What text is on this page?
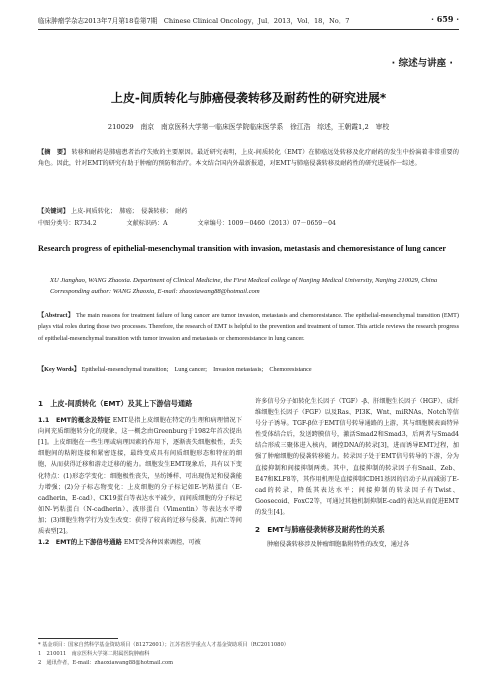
临床肿瘤学杂志2013年7月第18卷第7期　Chinese Clinical Oncology，Jul．2013，Vol．18，No．7	· 659 ·
· 综述与讲座 ·
上皮-间质转化与肺癌侵袭转移及耐药性的研究进展*
210029　南京　南京医科大学第一临床医学院临床医学系　徐江浩　综述，王朝霞1,2　审校
【摘　要】 转移和耐药是肺癌患者治疗失败的主要原因。最近研究表明，上皮-间质转化（EMT）在肺癌远处转移及化疗耐药的发生中扮演着非常重要的角色。因此，针对EMT的研究有助于肿瘤的预防和治疗。本文结合国内外最新报道，对EMT与肺癌侵袭转移及耐药性的研究进展作一综述。
【关键词】 上皮-间质转化；　肺癌；　侵袭转移；　耐药
中图分类号：R734.2	文献标识码：A	文章编号：1009－0460（2013）07－0659－04
Research progress of epithelial-mesenchymal transition with invasion, metastasis and chemoresistance of lung cancer
XU Jianghao, WANG Zhaoxia. Department of Clinical Medicine, the First Medical college of Nanjing Medical University, Nanjing 210029, China
Corresponding author: WANG Zhaoxia, E-mail: zhaoxiawang88@hotmail.com
【Abstract】 The main reasons for treatment failure of lung cancer are tumor invasion, metastasis and chemoresistance. The epithelial-mesenchymal transition (EMT) plays vital roles during those two processes. Therefore, the research of EMT is helpful to the prevention and treatment of tumor. This article reviews the research progress of epithelial-mesenchymal transition with tumor invasion and metastasis or chemoresistance in lung cancer.
【Key Words】 Epithelial-mesenchymal transition;　Lung cancer;　Invasion metastasis;　Chemoresistance
1　上皮-间质转化（EMT）及其上下游信号通路
1.1　EMT的概念及特征 EMT是指上皮细胞在特定的生理和病理情况下向间充质细胞转分化的现象，这一概念由Greenburg于1982年首次提出[1]。上皮细胞在一些生理或病理因素的作用下，逐渐丧失细胞极性，丢失细胞间的粘附连接和紧密连接，最终变成具有间质细胞形态和特征的细胞，从而获得迁移和游走迁移的能力。细胞发生EMT现象后，具有以下变化特点：(1)形态学变化：细胞极性丧失，呈纺锤样、可出现伪足和侵袭能力增强；(2)分子标志物变化：上皮细胞的分子标记如E-钙粘蛋白（E-cadherin，E-cad）、CK19蛋白等表达水平减少，而间质细胞的分子标记如N-钙粘蛋白（N-cadherin）、波形蛋白（Vimentin）等表达水平增加；(3)细胞生物学行为发生改变：获得了较高的迁移与侵袭、抗凋亡等间质表型[2]。
1.2　EMT的上下游信号通路 EMT受各种因素调控，可被
许多信号分子如转化生长因子（TGF）-β、肝细胞生长因子（HGF）、成纤维细胞生长因子（FGF）以及Ras、PI3K、Wnt、miRNAs、Notch等信号分子诱导。TGF-β位于EMT信号转导通路的上游，其与细胞膜表面特异性受体结合后，发送跨膜信号，激活Smad2和Smad3，后两者与Smad4结合形成三聚体进入核内，调控DNA的转录[3]，进而诱导EMT过程，加强了肿瘤细胞的侵袭转移能力。转录因子处于EMT信号转导的下游，分为直接抑制和间接抑制两类。其中，直接抑制的转录因子有Snail、Zeb、E47和KLF8等，其作用机理是直接抑制CDH1基因的启动子从而减弱了E-cad的转录，降低其表达水平；间接抑制的转录因子有Twist、Goosecoid、FoxC2等，可通过其他机制抑制E-cad的表达从而促进EMT的发生[4]。
2　EMT与肺癌侵袭转移及耐药性的关系
肿瘤侵袭转移涉及肿瘤细胞黏附特性的改变，通过各
* 基金项目：国家自然科学基金资助项目（81272601）；江苏省医学重点人才基金资助项目（RC2011080）
1　210011　南京医科大学第二附属医院肿瘤科
2　通讯作者，E-mail：zhaoxiawang88@hotmail.com
